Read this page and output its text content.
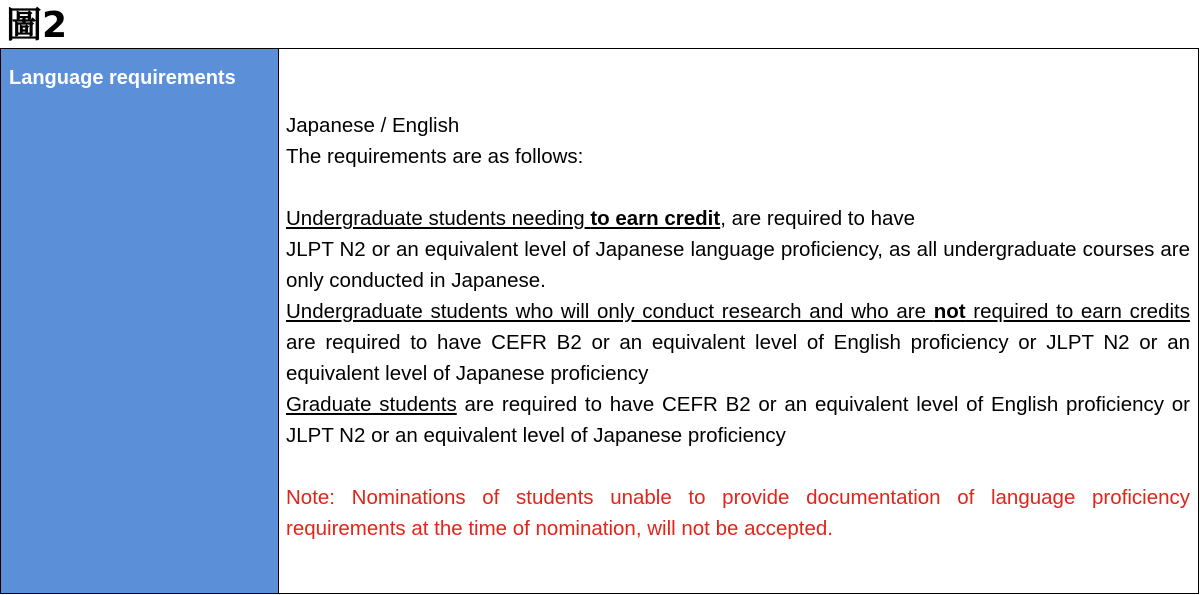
圖2
Language requirements

Japanese / English

The requirements are as follows:

Undergraduate students needing to earn credit, are required to have

JLPT N2 or an equivalent level of Japanese language proficiency, as all undergraduate courses are only conducted in Japanese.

Undergraduate students who will only conduct research and who are not required to earn credits are required to have CEFR B2 or an equivalent level of English proficiency or JLPT N2 or an equivalent level of Japanese proficiency

Graduate students are required to have CEFR B2 or an equivalent level of English proficiency or JLPT N2 or an equivalent level of Japanese proficiency

Note: Nominations of students unable to provide documentation of language proficiency requirements at the time of nomination, will not be accepted.
